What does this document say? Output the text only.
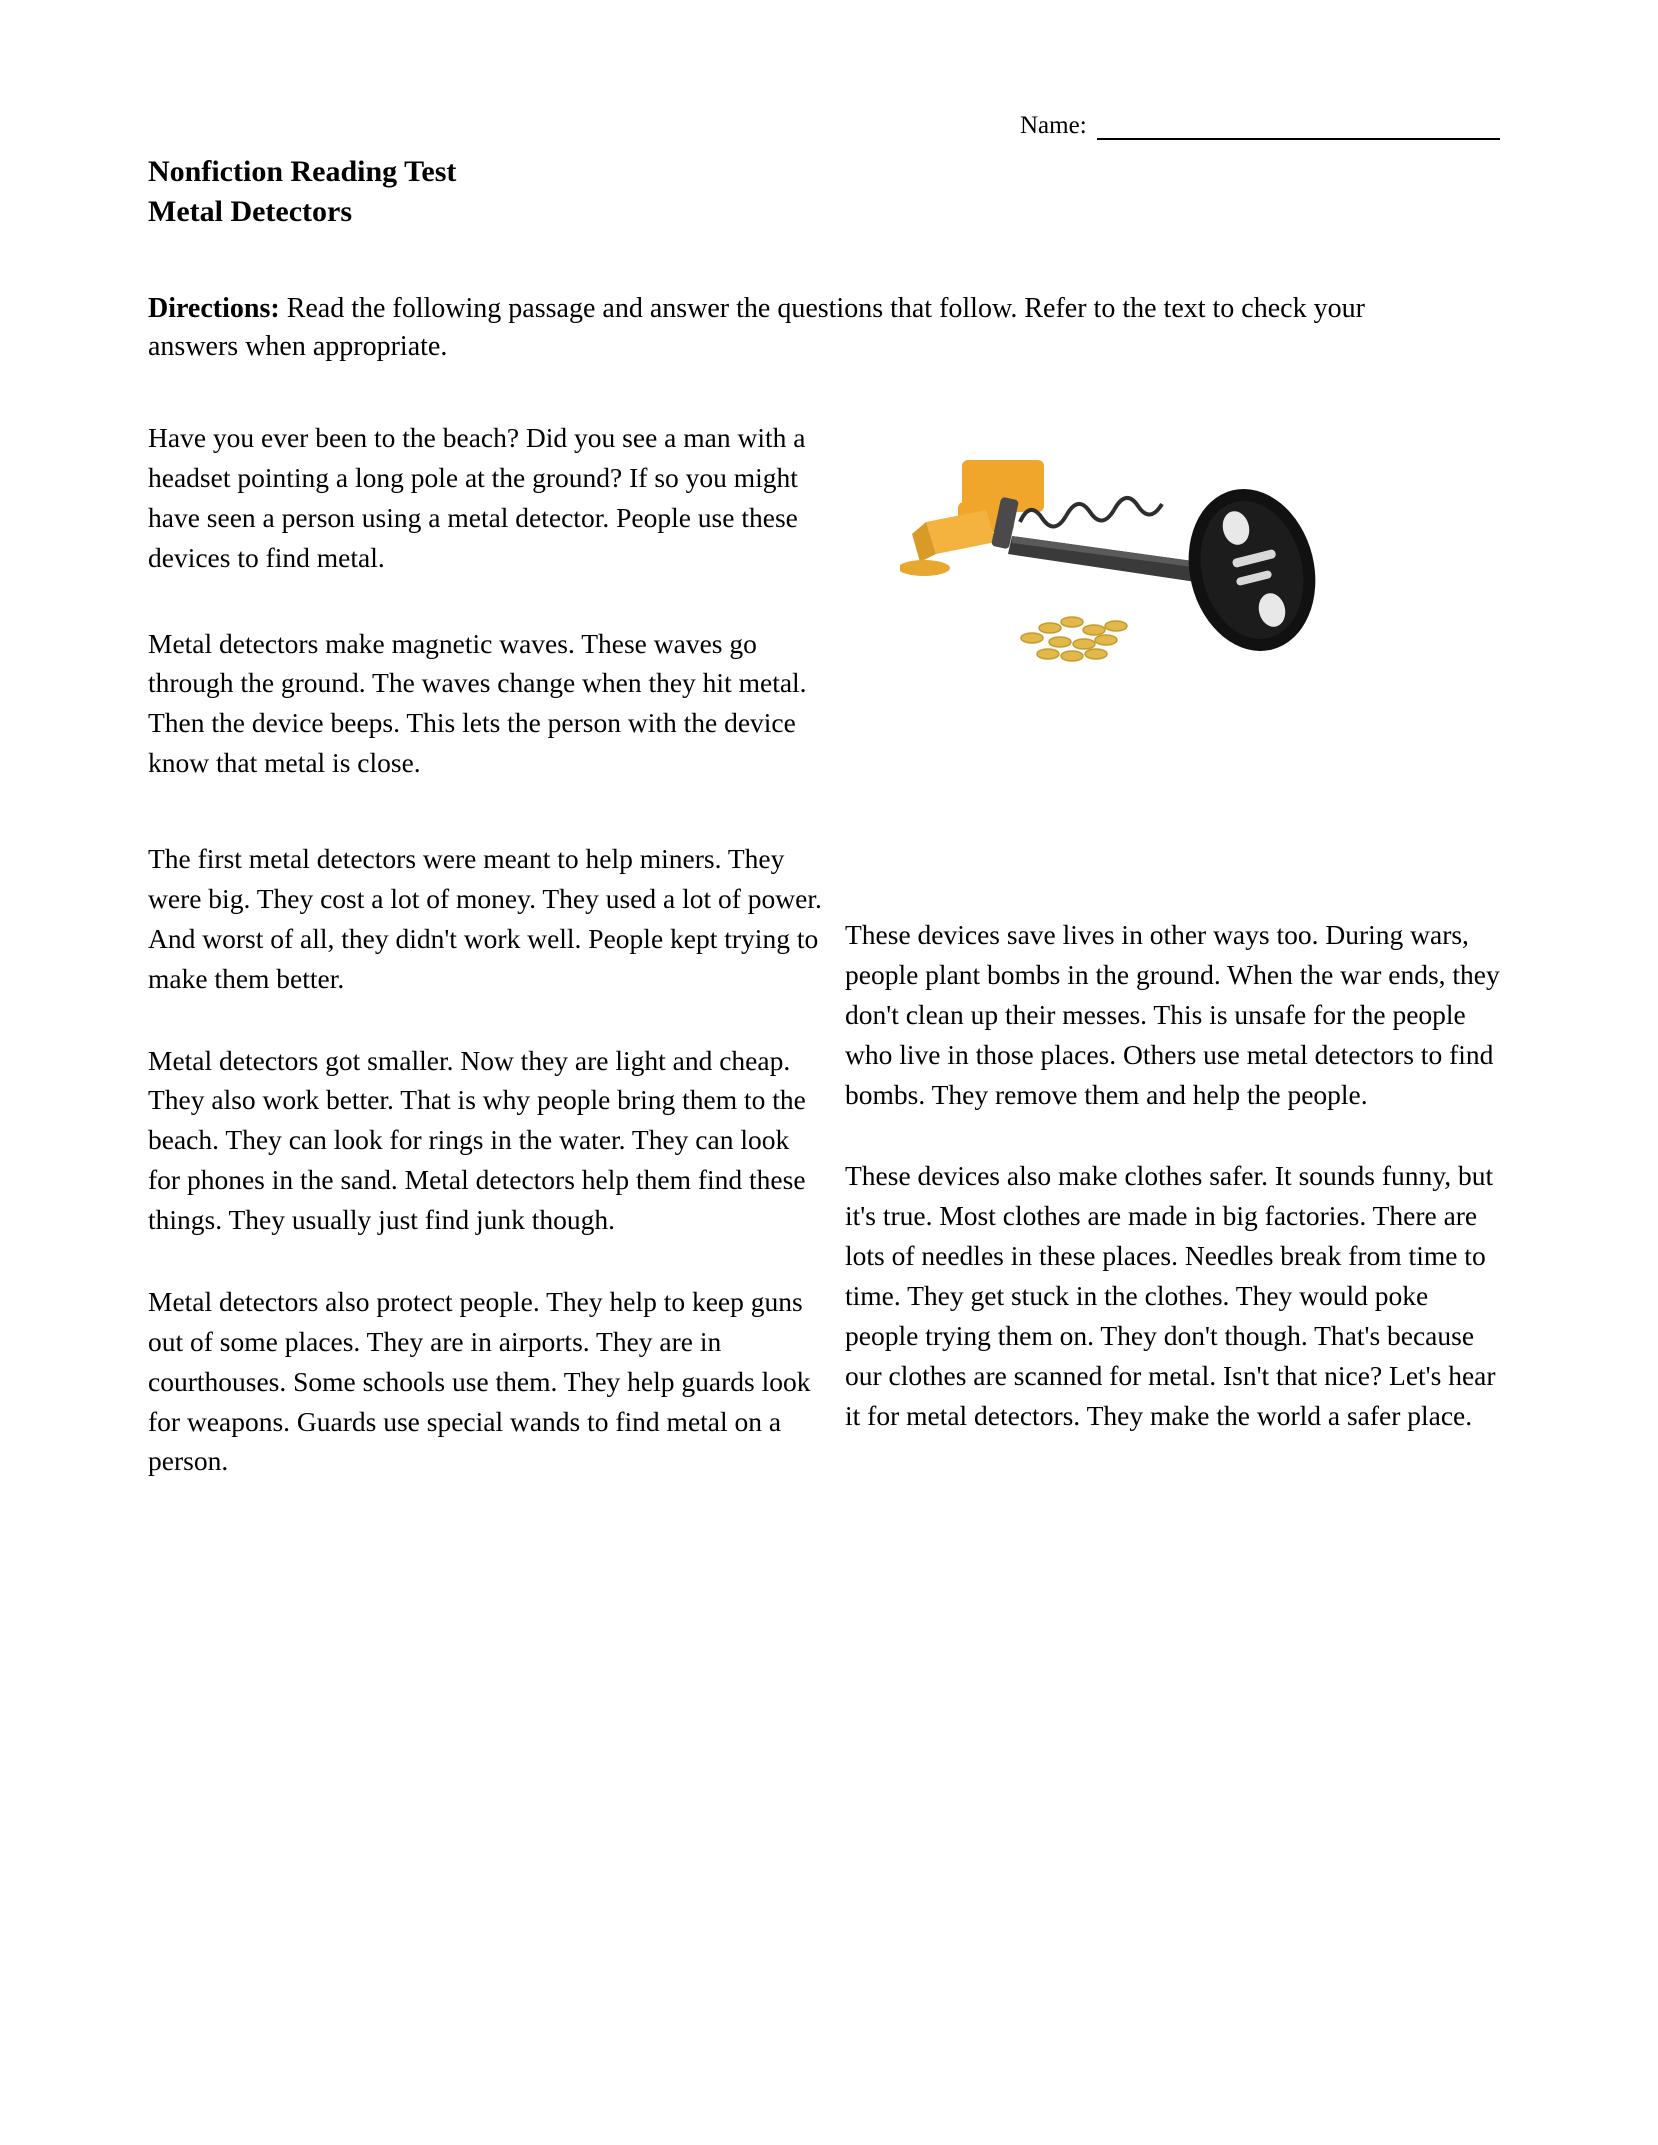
Name:
Nonfiction Reading Test
Metal Detectors
Directions: Read the following passage and answer the questions that follow. Refer to the text to check your answers when appropriate.

Have you ever been to the beach? Did you see a man with a headset pointing a long pole at the ground? If so you might have seen a person using a metal detector. People use these devices to find metal.

Metal detectors make magnetic waves. These waves go through the ground. The waves change when they hit metal. Then the device beeps. This lets the person with the device know that metal is close.

The first metal detectors were meant to help miners. They were big. They cost a lot of money. They used a lot of power. And worst of all, they didn't work well. People kept trying to make them better.

Metal detectors got smaller. Now they are light and cheap. They also work better. That is why people bring them to the beach. They can look for rings in the water. They can look for phones in the sand. Metal detectors help them find these things. They usually just find junk though.

Metal detectors also protect people. They help to keep guns out of some places. They are in airports. They are in courthouses. Some schools use them. They help guards look for weapons. Guards use special wands to find metal on a person.

These devices save lives in other ways too. During wars, people plant bombs in the ground. When the war ends, they don't clean up their messes. This is unsafe for the people who live in those places. Others use metal detectors to find bombs. They remove them and help the people.

These devices also make clothes safer. It sounds funny, but it's true. Most clothes are made in big factories. There are lots of needles in these places. Needles break from time to time. They get stuck in the clothes. They would poke people trying them on. They don't though. That's because our clothes are scanned for metal. Isn't that nice? Let's hear it for metal detectors. They make the world a safer place.
